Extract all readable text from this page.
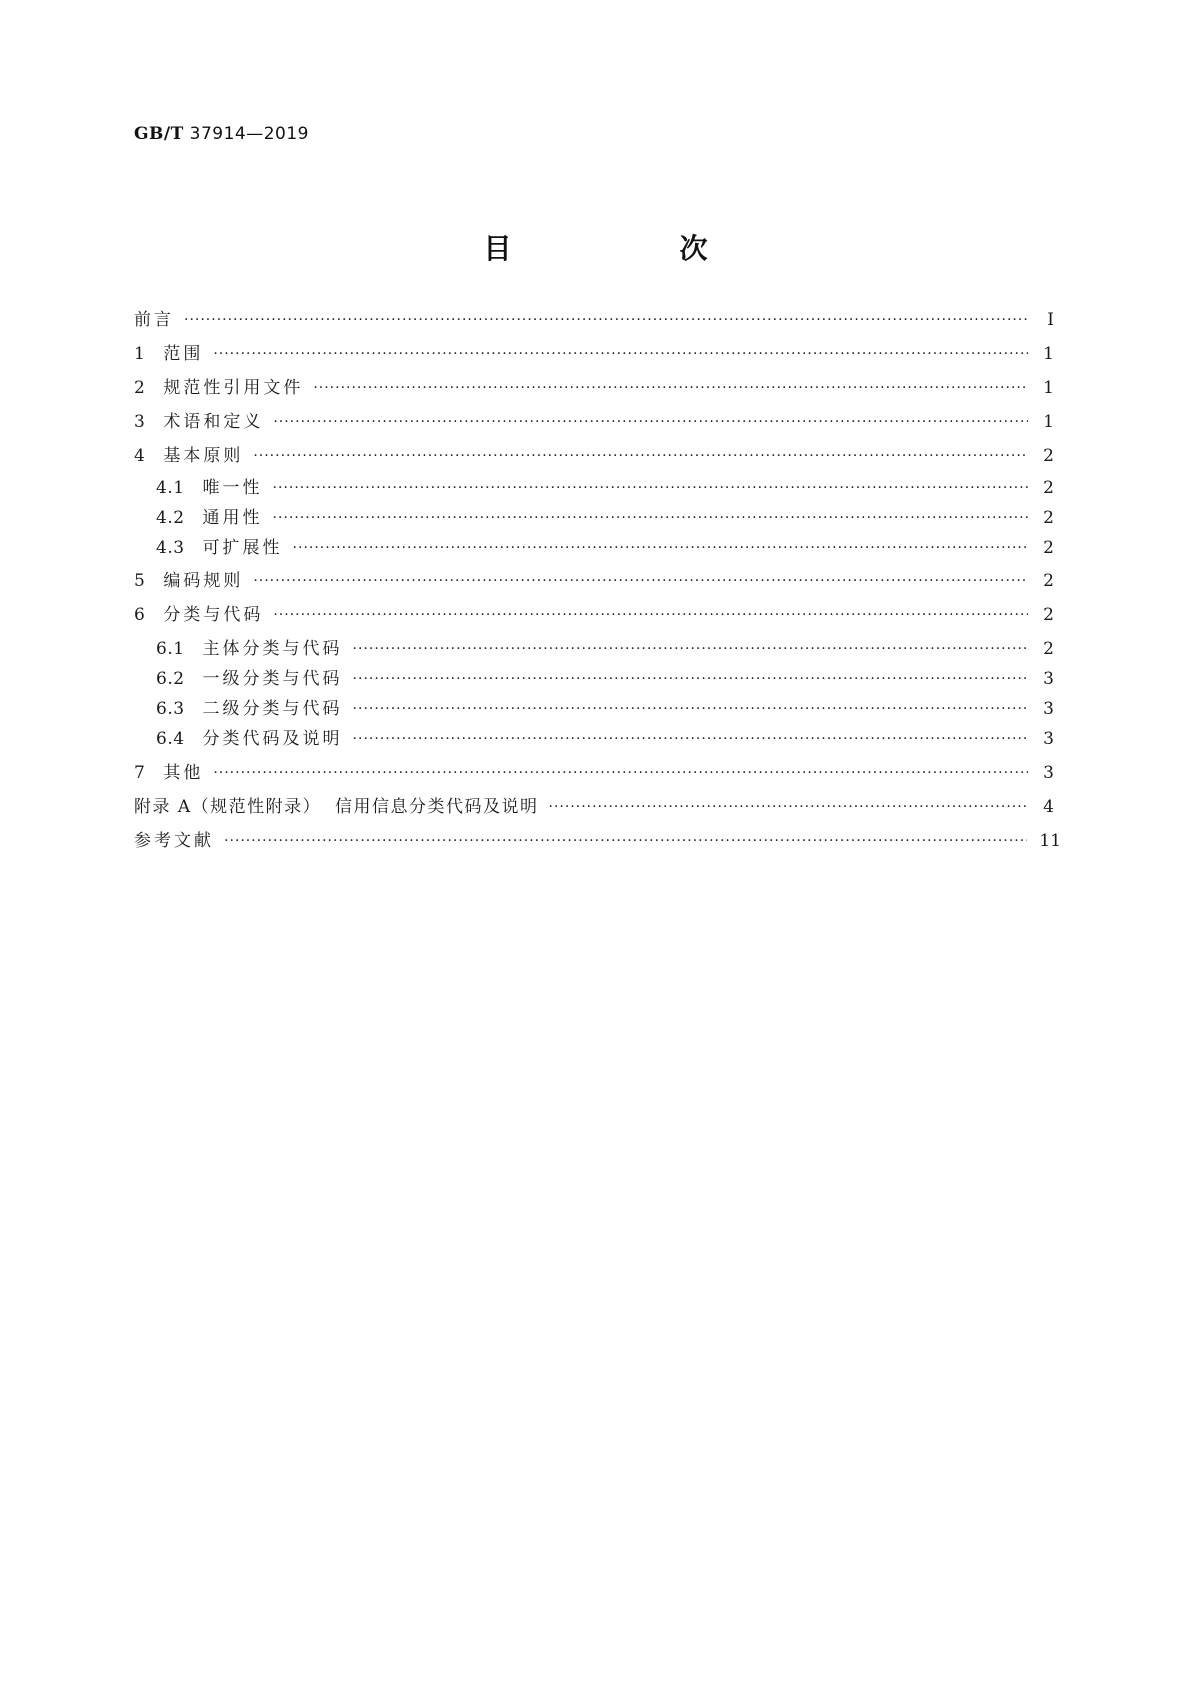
GB/T 37914—2019
目　次
前言 ·····	Ⅰ
1 范围 ·····	1
2 规范性引用文件 ·····	1
3 术语和定义 ·····	1
4 基本原则 ·····	2
4.1 唯一性 ·····	2
4.2 通用性 ·····	2
4.3 可扩展性 ·····	2
5 编码规则 ·····	2
6 分类与代码 ·····	2
6.1 主体分类与代码 ·····	2
6.2 一级分类与代码 ·····	3
6.3 二级分类与代码 ·····	3
6.4 分类代码及说明 ·····	3
7 其他 ·····	3
附录 A（规范性附录）  信用信息分类代码及说明 ·····	4
参考文献 ·····	11
